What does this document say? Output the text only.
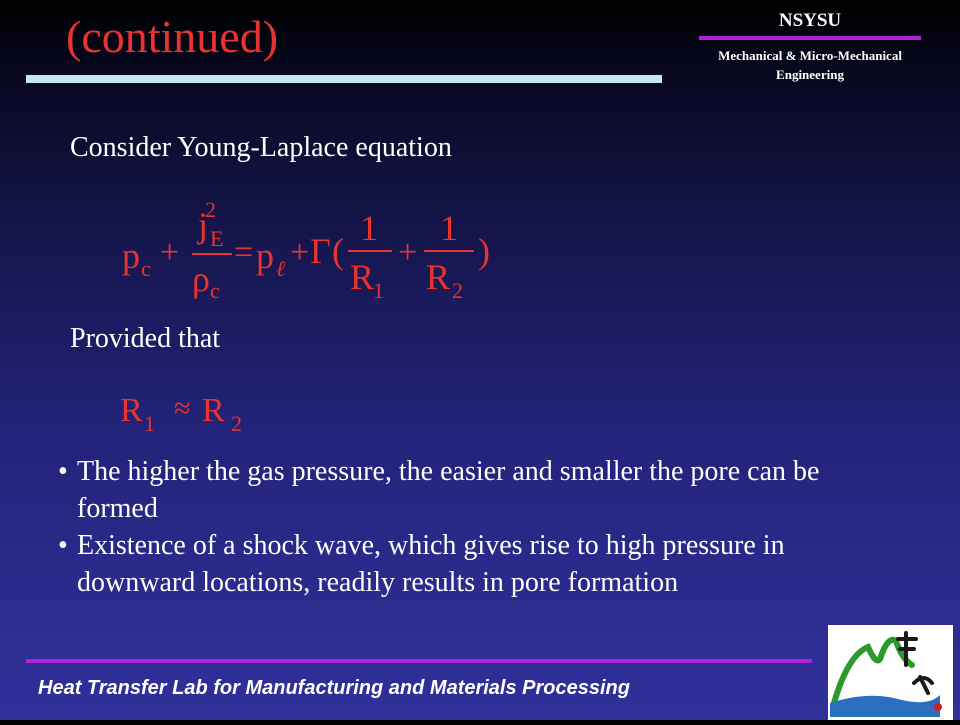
(continued)	NSYSU
Mechanical & Micro-Mechanical Engineering
Consider Young-Laplace equation
p c +
j E
2
ρ c
= p ℓ + Γ (
1
R
1
+
1
R 2
)
Provided that
R 1 ≈ R 2
• The higher the gas pressure, the easier and smaller the pore can be formed
• Existence of a shock wave, which gives rise to high pressure in downward locations, readily results in pore formation
Heat Transfer Lab for Manufacturing and Materials Processing
